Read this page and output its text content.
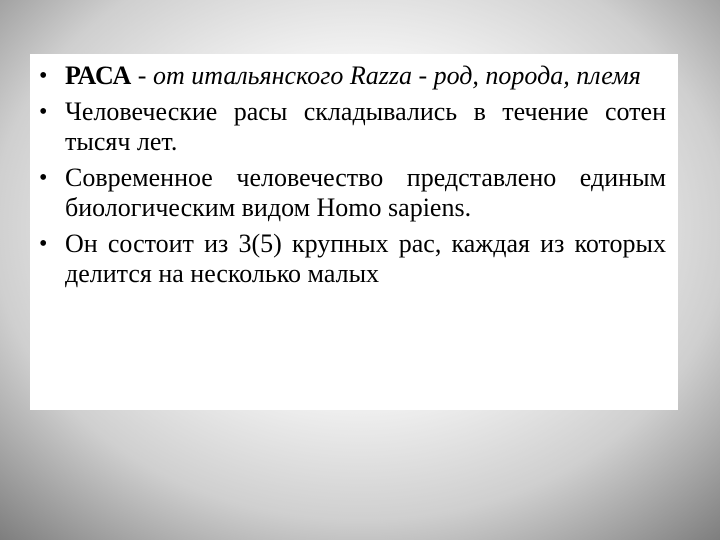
• РАСА - от итальянского Razza - род, порода, племя
• Человеческие расы складывались в течение сотен тысяч лет.
• Современное человечество представлено единым биологическим видом Homo sapiens.
• Он состоит из 3(5) крупных рас, каждая из которых делится на несколько малых
